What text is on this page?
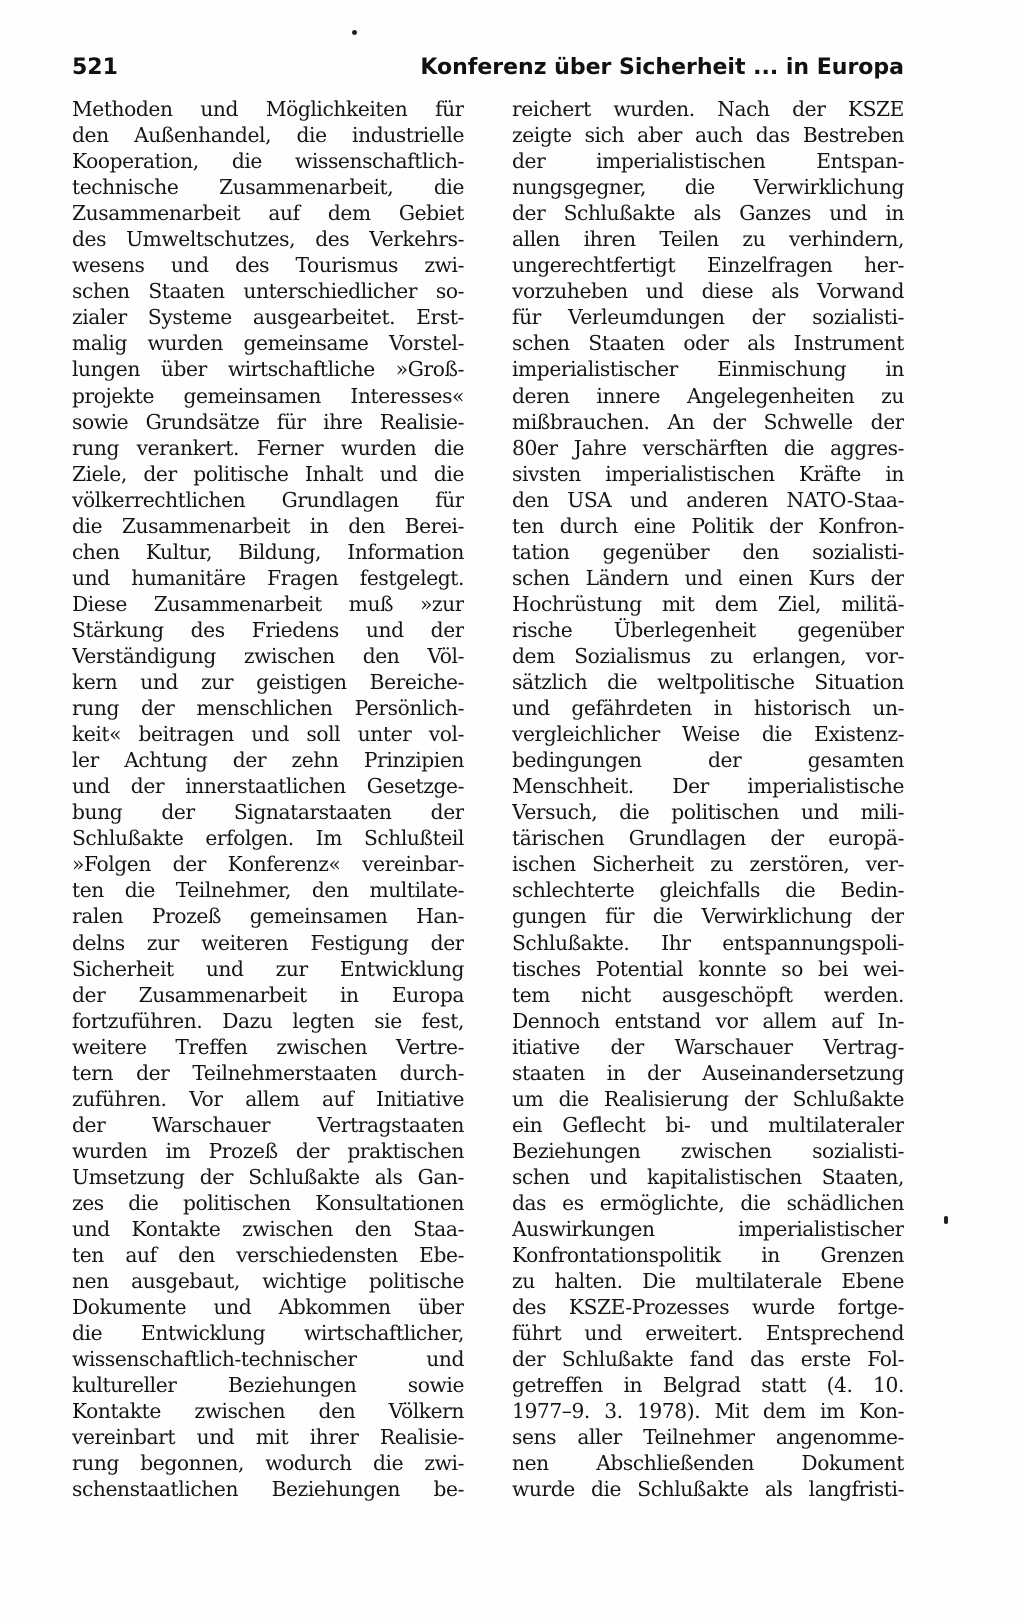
521	Konferenz über Sicherheit ... in Europa
Methoden und Möglichkeiten für
den Außenhandel, die industrielle
Kooperation, die wissenschaftlich-
technische Zusammenarbeit, die
Zusammenarbeit auf dem Gebiet
des Umweltschutzes, des Verkehrs-
wesens und des Tourismus zwi-
schen Staaten unterschiedlicher so-
zialer Systeme ausgearbeitet. Erst-
malig wurden gemeinsame Vorstel-
lungen über wirtschaftliche »Groß-
projekte gemeinsamen Interesses«
sowie Grundsätze für ihre Realisie-
rung verankert. Ferner wurden die
Ziele, der politische Inhalt und die
völkerrechtlichen Grundlagen für
die Zusammenarbeit in den Berei-
chen Kultur, Bildung, Information
und humanitäre Fragen festgelegt.
Diese Zusammenarbeit muß »zur
Stärkung des Friedens und der
Verständigung zwischen den Völ-
kern und zur geistigen Bereiche-
rung der menschlichen Persönlich-
keit« beitragen und soll unter vol-
ler Achtung der zehn Prinzipien
und der innerstaatlichen Gesetzge-
bung der Signatarstaaten der
Schlußakte erfolgen. Im Schlußteil
»Folgen der Konferenz« vereinbar-
ten die Teilnehmer, den multilate-
ralen Prozeß gemeinsamen Han-
delns zur weiteren Festigung der
Sicherheit und zur Entwicklung
der Zusammenarbeit in Europa
fortzuführen. Dazu legten sie fest,
weitere Treffen zwischen Vertre-
tern der Teilnehmerstaaten durch-
zuführen. Vor allem auf Initiative
der Warschauer Vertragstaaten
wurden im Prozeß der praktischen
Umsetzung der Schlußakte als Gan-
zes die politischen Konsultationen
und Kontakte zwischen den Staa-
ten auf den verschiedensten Ebe-
nen ausgebaut, wichtige politische
Dokumente und Abkommen über
die Entwicklung wirtschaftlicher,
wissenschaftlich-technischer und
kultureller Beziehungen sowie
Kontakte zwischen den Völkern
vereinbart und mit ihrer Realisie-
rung begonnen, wodurch die zwi-
schenstaatlichen Beziehungen be-
reichert wurden. Nach der KSZE
zeigte sich aber auch das Bestreben
der imperialistischen Entspan-
nungsgegner, die Verwirklichung
der Schlußakte als Ganzes und in
allen ihren Teilen zu verhindern,
ungerechtfertigt Einzelfragen her-
vorzuheben und diese als Vorwand
für Verleumdungen der sozialisti-
schen Staaten oder als Instrument
imperialistischer Einmischung in
deren innere Angelegenheiten zu
mißbrauchen. An der Schwelle der
80er Jahre verschärften die aggres-
sivsten imperialistischen Kräfte in
den USA und anderen NATO-Staa-
ten durch eine Politik der Konfron-
tation gegenüber den sozialisti-
schen Ländern und einen Kurs der
Hochrüstung mit dem Ziel, militä-
rische Überlegenheit gegenüber
dem Sozialismus zu erlangen, vor-
sätzlich die weltpolitische Situation
und gefährdeten in historisch un-
vergleichlicher Weise die Existenz-
bedingungen der gesamten
Menschheit. Der imperialistische
Versuch, die politischen und mili-
tärischen Grundlagen der europä-
ischen Sicherheit zu zerstören, ver-
schlechterte gleichfalls die Bedin-
gungen für die Verwirklichung der
Schlußakte. Ihr entspannungspoli-
tisches Potential konnte so bei wei-
tem nicht ausgeschöpft werden.
Dennoch entstand vor allem auf In-
itiative der Warschauer Vertrag-
staaten in der Auseinandersetzung
um die Realisierung der Schlußakte
ein Geflecht bi- und multilateraler
Beziehungen zwischen sozialisti-
schen und kapitalistischen Staaten,
das es ermöglichte, die schädlichen
Auswirkungen imperialistischer
Konfrontationspolitik in Grenzen
zu halten. Die multilaterale Ebene
des KSZE-Prozesses wurde fortge-
führt und erweitert. Entsprechend
der Schlußakte fand das erste Fol-
getreffen in Belgrad statt (4. 10.
1977–9. 3. 1978). Mit dem im Kon-
sens aller Teilnehmer angenomme-
nen Abschließenden Dokument
wurde die Schlußakte als langfristi-
